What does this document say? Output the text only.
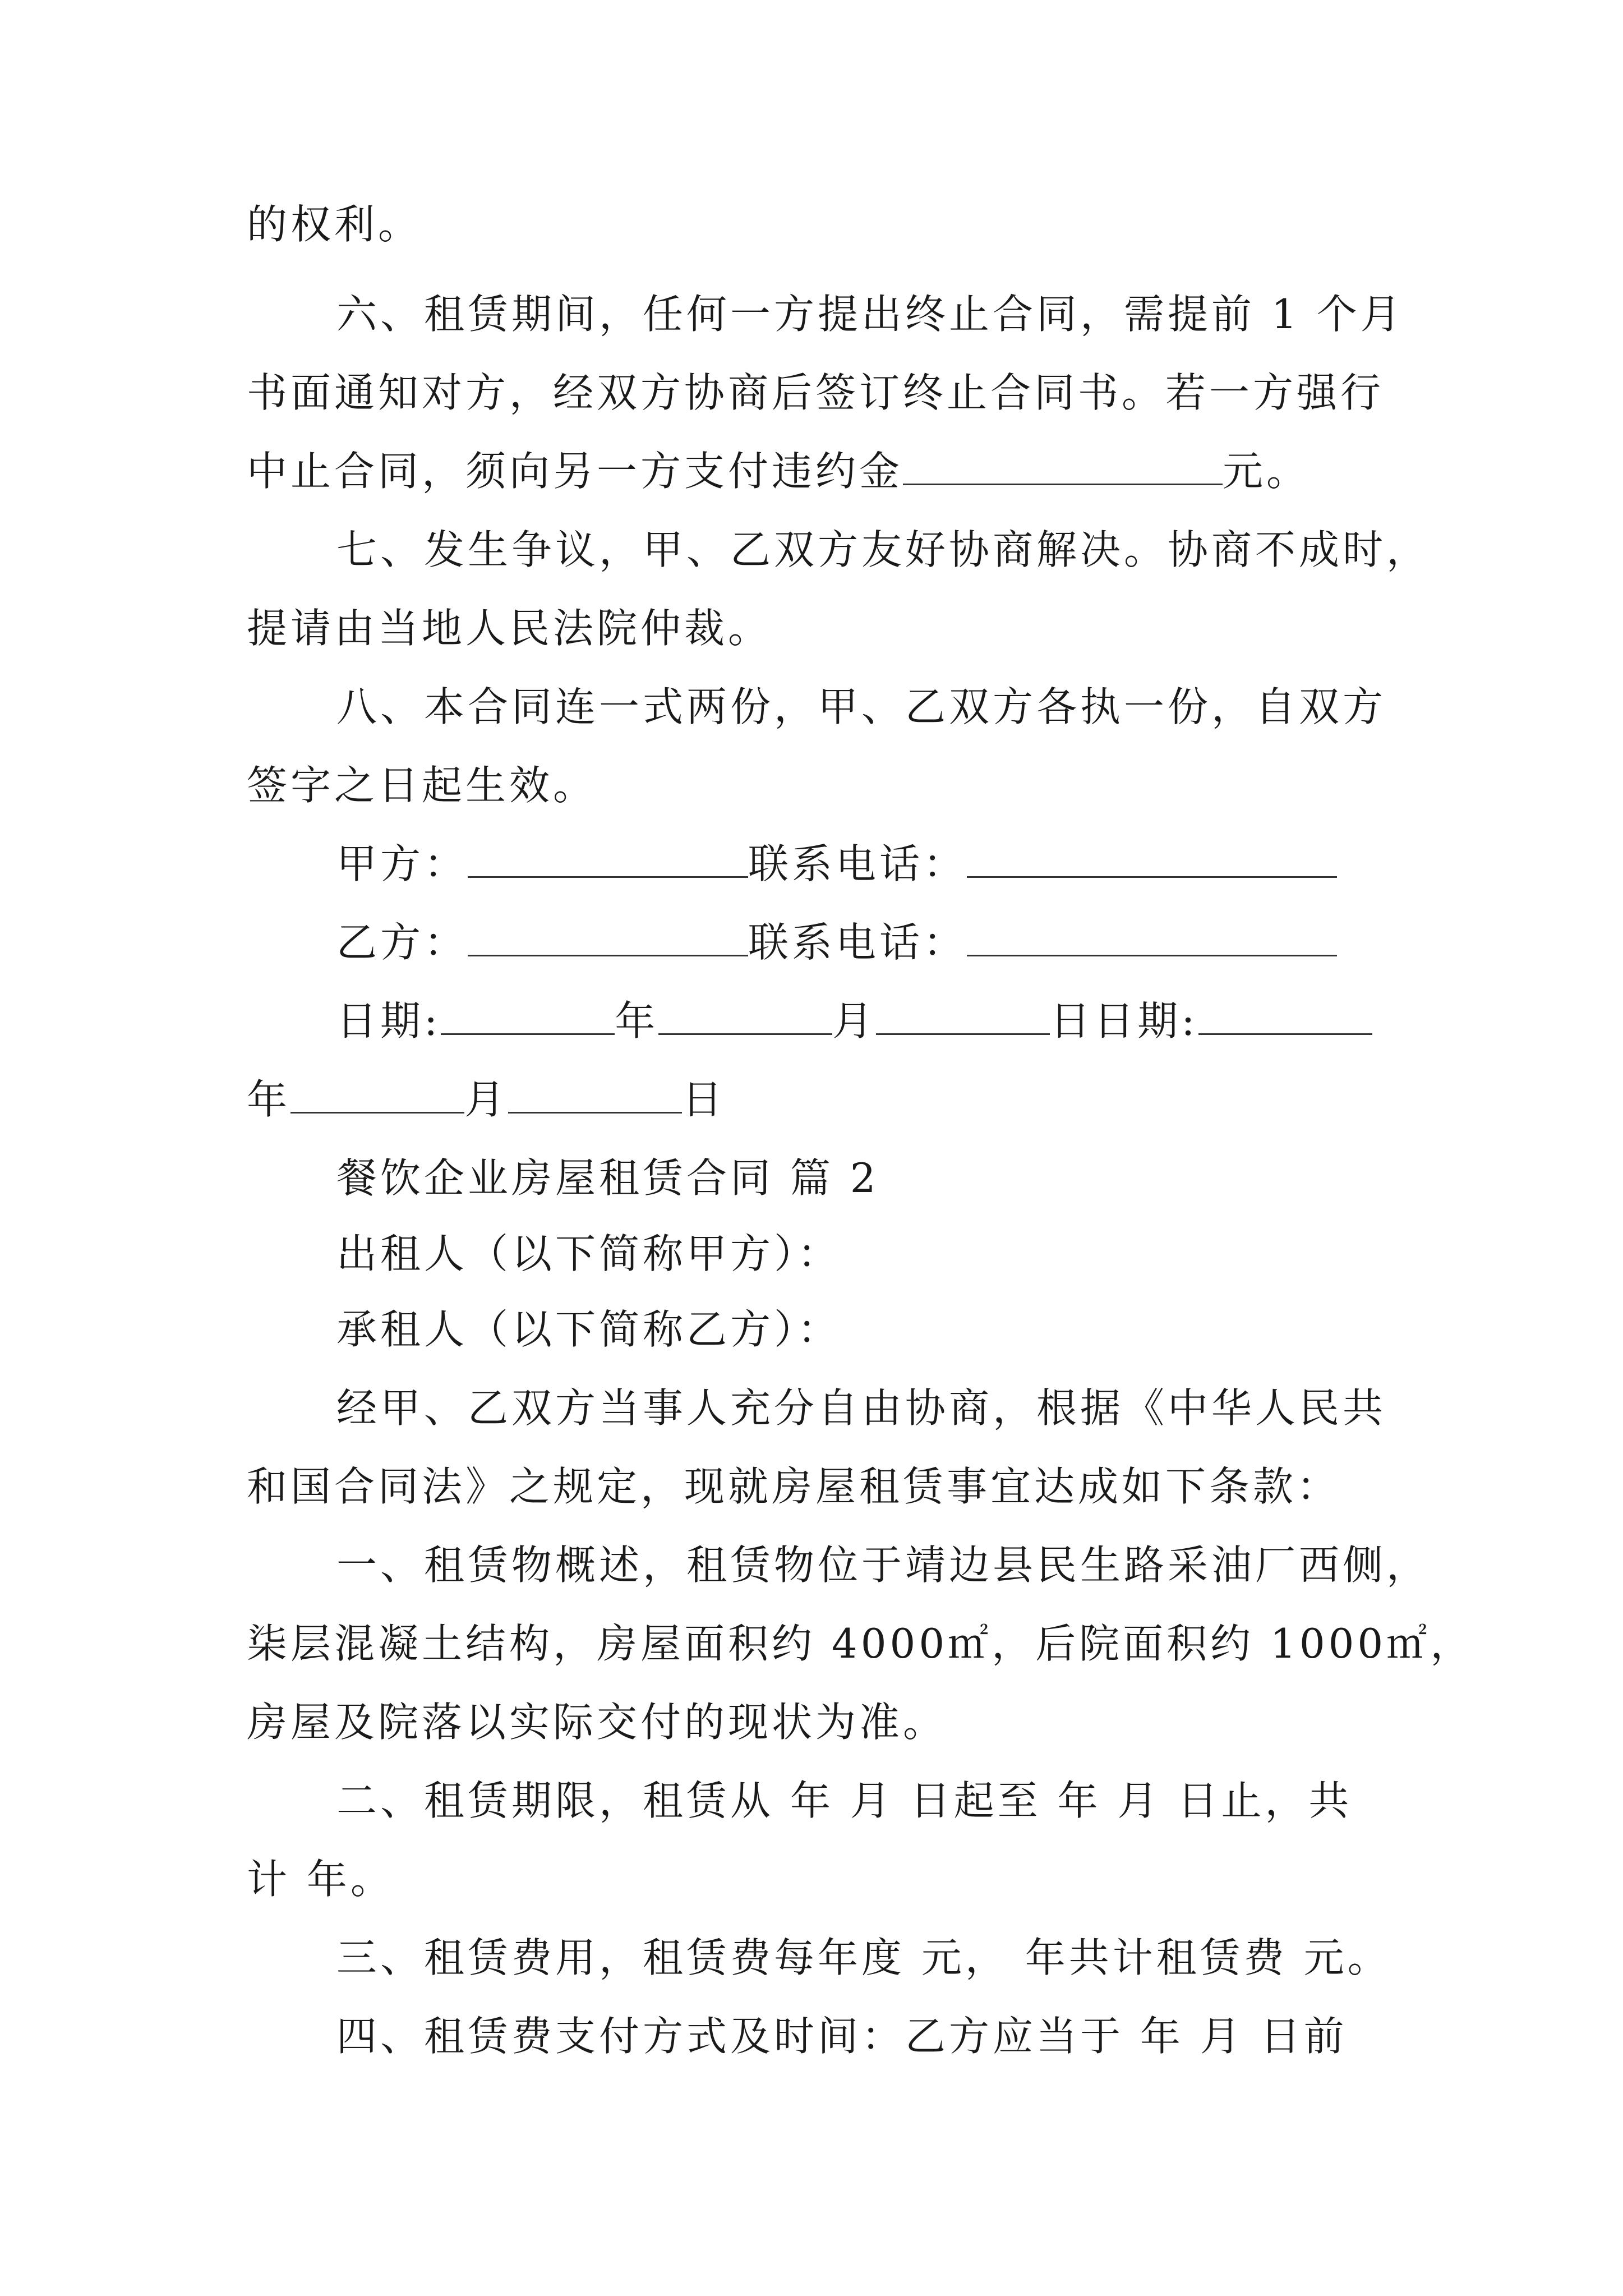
的权利。
六、租赁期间，任何一方提出终止合同，需提前 1 个月
书面通知对方，经双方协商后签订终止合同书。若一方强行
中止合同，须向另一方支付违约金	元。
七、发生争议，甲、乙双方友好协商解决。协商不成时，
提请由当地人民法院仲裁。
八、本合同连一式两份，甲、乙双方各执一份，自双方
签字之日起生效。
甲方：	联系电话：
乙方：	联系电话：
日期:	年	月	日日期:
年	月	日
餐饮企业房屋租赁合同 篇 2
出租人（以下简称甲方）：
承租人（以下简称乙方）：
经甲、乙双方当事人充分自由协商，根据《中华人民共
和国合同法》之规定，现就房屋租赁事宜达成如下条款：
一、租赁物概述，租赁物位于靖边县民生路采油厂西侧，
柒层混凝土结构，房屋面积约 4000㎡，后院面积约 1000㎡，
房屋及院落以实际交付的现状为准。
二、租赁期限，租赁从 年 月 日起至 年 月 日止，共
计 年。
三、租赁费用，租赁费每年度 元， 年共计租赁费 元。
四、租赁费支付方式及时间：乙方应当于 年 月 日前
